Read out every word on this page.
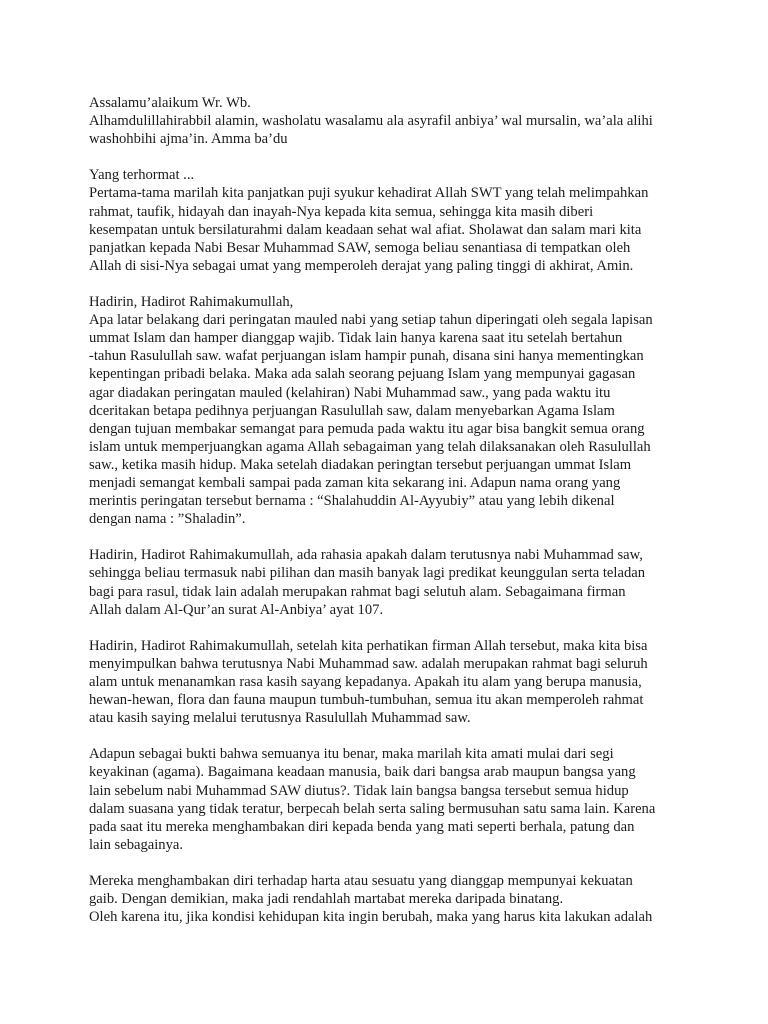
Assalamu’alaikum Wr. Wb.
Alhamdulillahirabbil alamin, washolatu wasalamu ala asyrafil anbiya’ wal mursalin, wa’ala alihi
washohbihi ajma’in. Amma ba’du
Yang terhormat ...
Pertama-tama marilah kita panjatkan puji syukur kehadirat Allah SWT yang telah melimpahkan
rahmat, taufik, hidayah dan inayah-Nya kepada kita semua, sehingga kita masih diberi
kesempatan untuk bersilaturahmi dalam keadaan sehat wal afiat. Sholawat dan salam mari kita
panjatkan kepada Nabi Besar Muhammad SAW, semoga beliau senantiasa di tempatkan oleh
Allah di sisi-Nya sebagai umat yang memperoleh derajat yang paling tinggi di akhirat, Amin.
Hadirin, Hadirot Rahimakumullah,
Apa latar belakang dari peringatan mauled nabi yang setiap tahun diperingati oleh segala lapisan
ummat Islam dan hamper dianggap wajib. Tidak lain hanya karena saat itu setelah bertahun
-tahun Rasulullah saw. wafat perjuangan islam hampir punah, disana sini hanya mementingkan
kepentingan pribadi belaka. Maka ada salah seorang pejuang Islam yang mempunyai gagasan
agar diadakan peringatan mauled (kelahiran) Nabi Muhammad saw., yang pada waktu itu
dceritakan betapa pedihnya perjuangan Rasulullah saw, dalam menyebarkan Agama Islam
dengan tujuan membakar semangat para pemuda pada waktu itu agar bisa bangkit semua orang
islam untuk memperjuangkan agama Allah sebagaiman yang telah dilaksanakan oleh Rasulullah
saw., ketika masih hidup. Maka setelah diadakan peringtan tersebut perjuangan ummat Islam
menjadi semangat kembali sampai pada zaman kita sekarang ini. Adapun nama orang yang
merintis peringatan tersebut bernama : “Shalahuddin Al-Ayyubiy” atau yang lebih dikenal
dengan nama : ”Shaladin”.
Hadirin, Hadirot Rahimakumullah, ada rahasia apakah dalam terutusnya nabi Muhammad saw,
sehingga beliau termasuk nabi pilihan dan masih banyak lagi predikat keunggulan serta teladan
bagi para rasul, tidak lain adalah merupakan rahmat bagi selutuh alam. Sebagaimana firman
Allah dalam Al-Qur’an surat Al-Anbiya’ ayat 107.
Hadirin, Hadirot Rahimakumullah, setelah kita perhatikan firman Allah tersebut, maka kita bisa
menyimpulkan bahwa terutusnya Nabi Muhammad saw. adalah merupakan rahmat bagi seluruh
alam untuk menanamkan rasa kasih sayang kepadanya. Apakah itu alam yang berupa manusia,
hewan-hewan, flora dan fauna maupun tumbuh-tumbuhan, semua itu akan memperoleh rahmat
atau kasih saying melalui terutusnya Rasulullah Muhammad saw.
Adapun sebagai bukti bahwa semuanya itu benar, maka marilah kita amati mulai dari segi
keyakinan (agama). Bagaimana keadaan manusia, baik dari bangsa arab maupun bangsa yang
lain sebelum nabi Muhammad SAW diutus?. Tidak lain bangsa bangsa tersebut semua hidup
dalam suasana yang tidak teratur, berpecah belah serta saling bermusuhan satu sama lain. Karena
pada saat itu mereka menghambakan diri kepada benda yang mati seperti berhala, patung dan
lain sebagainya.
Mereka menghambakan diri terhadap harta atau sesuatu yang dianggap mempunyai kekuatan
gaib. Dengan demikian, maka jadi rendahlah martabat mereka daripada binatang.
Oleh karena itu, jika kondisi kehidupan kita ingin berubah, maka yang harus kita lakukan adalah
